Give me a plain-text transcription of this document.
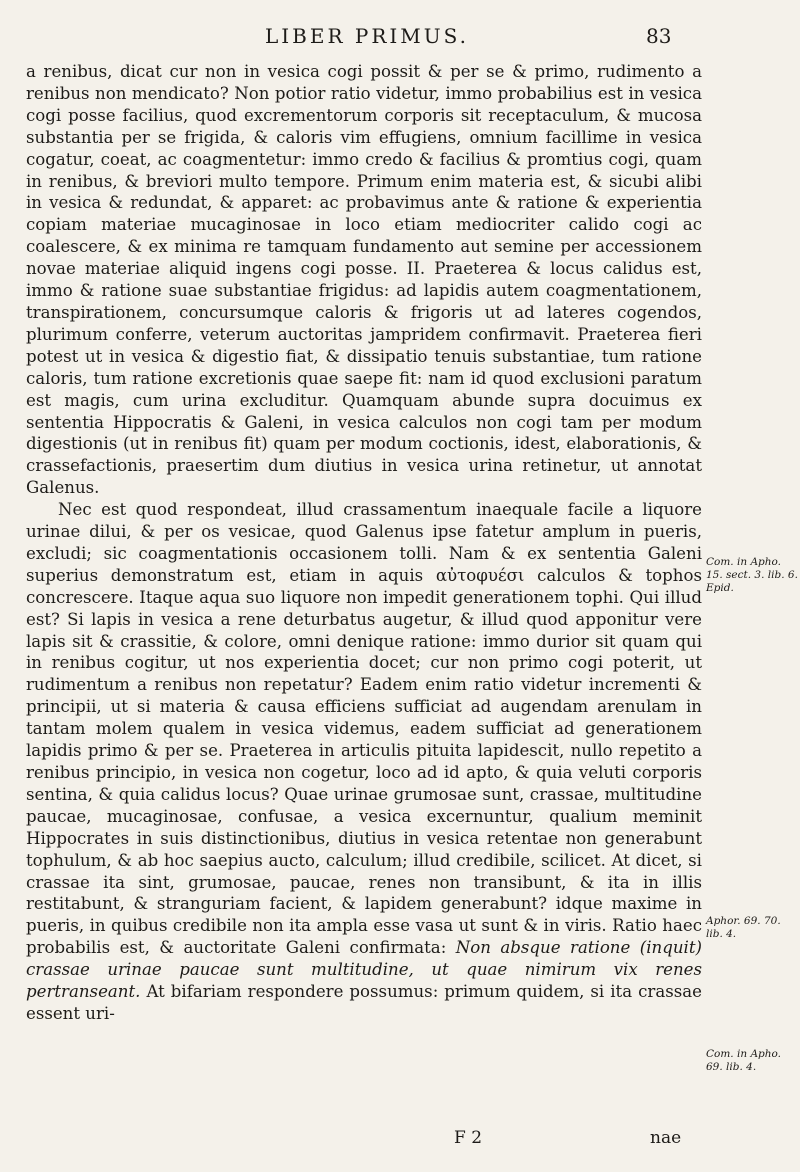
LIBER PRIMUS.	83

a renibus, dicat cur non in vesica cogi possit & per se & primo, rudimento a renibus non mendicato? Non potior ratio videtur, immo probabilius est in vesica cogi posse facilius, quod excrementorum corporis sit receptaculum, & mucosa substantia per se frigida, & caloris vim effugiens, omnium facillime in vesica cogatur, coeat, ac coagmentetur: immo credo & facilius & promtius cogi, quam in renibus, & breviori multo tempore. Primum enim materia est, & sicubi alibi in vesica & redundat, & apparet: ac probavimus ante & ratione & experientia copiam materiae mucaginosae in loco etiam mediocriter calido cogi ac coalescere, & ex minima re tamquam fundamento aut semine per accessionem novae materiae aliquid ingens cogi posse. II. Praeterea & locus calidus est, immo & ratione suae substantiae frigidus: ad lapidis autem coagmentationem, transpirationem, concursumque caloris & frigoris ut ad lateres cogendos, plurimum conferre, veterum auctoritas jampridem confirmavit. Praeterea fieri potest ut in vesica & digestio fiat, & dissipatio tenuis substantiae, tum ratione caloris, tum ratione excretionis quae saepe fit: nam id quod exclusioni paratum est magis, cum urina excluditur. Quamquam abunde supra docuimus ex sententia Hippocratis & Galeni, in vesica calculos non cogi tam per modum digestionis (ut in renibus fit) quam per modum coctionis, idest, elaborationis, & crassefactionis, praesertim dum diutius in vesica urina retinetur, ut annotat Galenus.

Nec est quod respondeat, illud crassamentum inaequale facile a liquore urinae dilui, & per os vesicae, quod Galenus ipse fatetur amplum in pueris, excludi; sic coagmentationis occasionem tolli. Nam & ex sententia Galeni superius demonstratum est, etiam in aquis αὐτοφυέσι calculos & tophos concrescere. Itaque aqua suo liquore non impedit generationem tophi. Qui illud est? Si lapis in vesica a rene deturbatus augetur, & illud quod apponitur vere lapis sit & crassitie, & colore, omni denique ratione: immo durior sit quam qui in renibus cogitur, ut nos experientia docet; cur non primo cogi poterit, ut rudimentum a renibus non repetatur? Eadem enim ratio videtur incrementi & principii, ut si materia & causa efficiens sufficiat ad augendam arenulam in tantam molem qualem in vesica videmus, eadem sufficiat ad generationem lapidis primo & per se. Praeterea in articulis pituita lapidescit, nullo repetito a renibus principio, in vesica non cogetur, loco ad id apto, & quia veluti corporis sentina, & quia calidus locus? Quae urinae grumosae sunt, crassae, multitudine paucae, mucaginosae, confusae, a vesica excernuntur, qualium meminit Hippocrates in suis distinctionibus, diutius in vesica retentae non generabunt tophulum, & ab hoc saepius aucto, calculum; illud credibile, scilicet. At dicet, si crassae ita sint, grumosae, paucae, renes non transibunt, & ita in illis restitabunt, & stranguriam facient, & lapidem generabunt? idque maxime in pueris, in quibus credibile non ita ampla esse vasa ut sunt & in viris. Ratio haec probabilis est, & auctoritate Galeni confirmata: Non absque ratione (inquit) crassae urinae paucae sunt multitudine, ut quae nimirum vix renes pertranseant. At bifariam respondere possumus: primum quidem, si ita crassae essent uri-

Com. in Apho. 15. sect. 3. lib. 6. Epid.
Aphor. 69. 70. lib. 4.
Com. in Apho. 69. lib. 4.
F 2	nae
